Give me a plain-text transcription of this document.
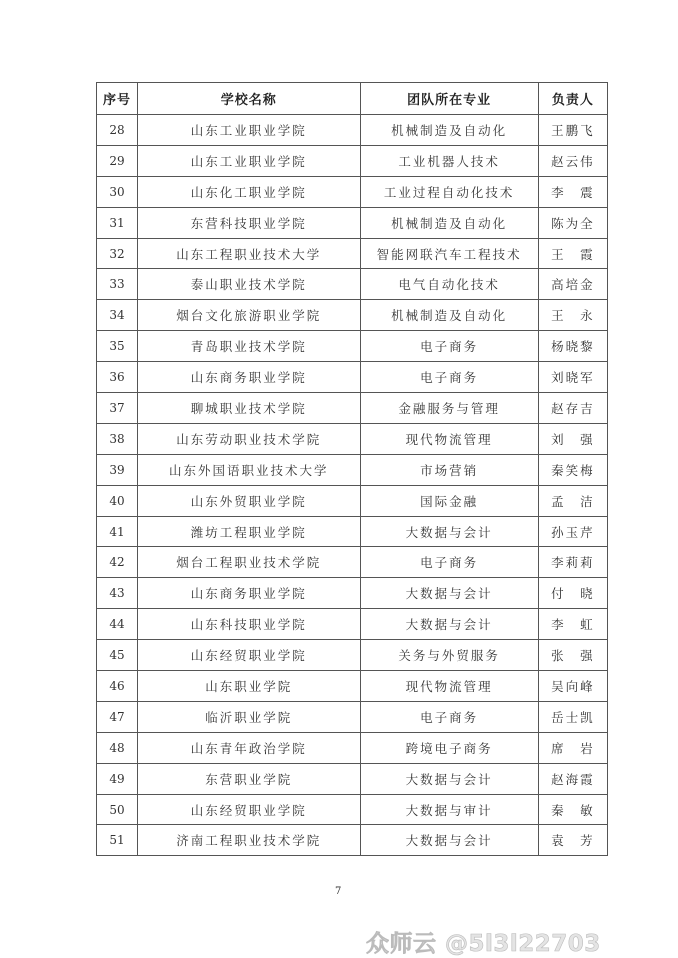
序号	学校名称	团队所在专业	负责人
28	山东工业职业学院	机械制造及自动化	王鹏飞
29	山东工业职业学院	工业机器人技术	赵云伟
30	山东化工职业学院	工业过程自动化技术	李　震
31	东营科技职业学院	机械制造及自动化	陈为全
32	山东工程职业技术大学	智能网联汽车工程技术	王　霞
33	泰山职业技术学院	电气自动化技术	高培金
34	烟台文化旅游职业学院	机械制造及自动化	王　永
35	青岛职业技术学院	电子商务	杨晓黎
36	山东商务职业学院	电子商务	刘晓军
37	聊城职业技术学院	金融服务与管理	赵存吉
38	山东劳动职业技术学院	现代物流管理	刘　强
39	山东外国语职业技术大学	市场营销	秦笑梅
40	山东外贸职业学院	国际金融	孟　洁
41	潍坊工程职业学院	大数据与会计	孙玉芹
42	烟台工程职业技术学院	电子商务	李莉莉
43	山东商务职业学院	大数据与会计	付　晓
44	山东科技职业学院	大数据与会计	李　虹
45	山东经贸职业学院	关务与外贸服务	张　强
46	山东职业学院	现代物流管理	吴向峰
47	临沂职业学院	电子商务	岳士凯
48	山东青年政治学院	跨境电子商务	席　岩
49	东营职业学院	大数据与会计	赵海霞
50	山东经贸职业学院	大数据与审计	秦　敏
51	济南工程职业技术学院	大数据与会计	袁　芳
7
众师云 @5l3l22703
